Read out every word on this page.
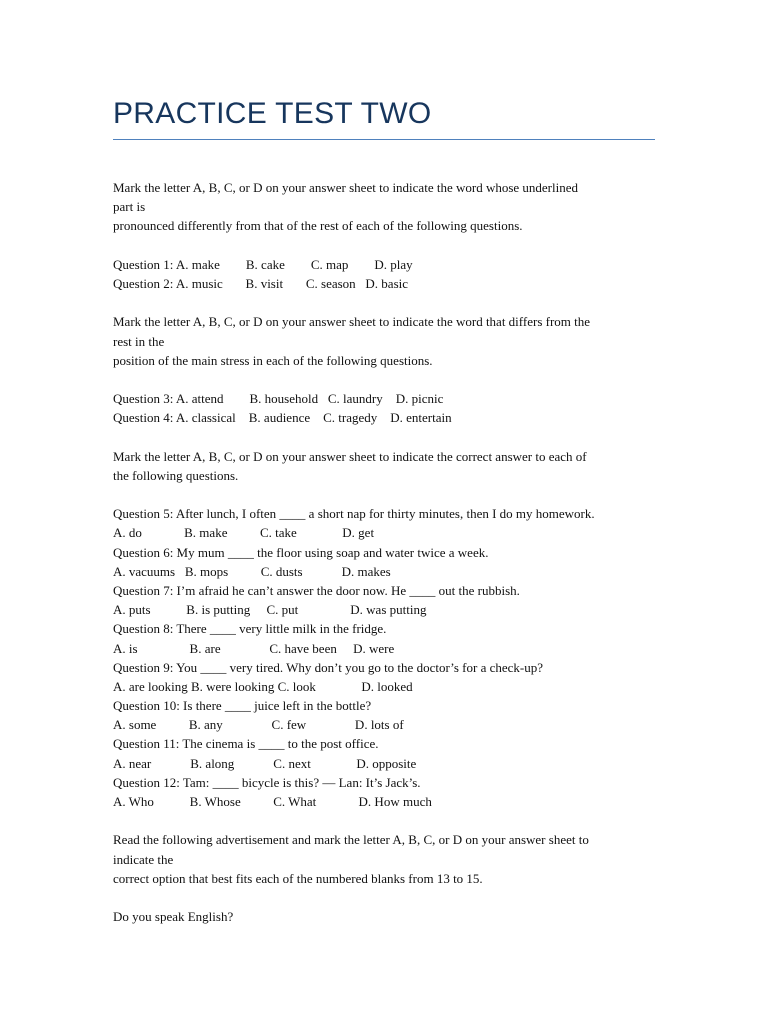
PRACTICE TEST TWO
Mark the letter A, B, C, or D on your answer sheet to indicate the word whose underlined
part is
pronounced differently from that of the rest of each of the following questions.
Question 1: A. make        B. cake        C. map        D. play
Question 2: A. music       B. visit       C. season   D. basic
Mark the letter A, B, C, or D on your answer sheet to indicate the word that differs from the
rest in the
position of the main stress in each of the following questions.
Question 3: A. attend        B. household   C. laundry    D. picnic
Question 4: A. classical    B. audience    C. tragedy    D. entertain
Mark the letter A, B, C, or D on your answer sheet to indicate the correct answer to each of
the following questions.
Question 5: After lunch, I often ____ a short nap for thirty minutes, then I do my homework.
A. do             B. make          C. take              D. get
Question 6: My mum ____ the floor using soap and water twice a week.
A. vacuums   B. mops          C. dusts            D. makes
Question 7: I’m afraid he can’t answer the door now. He ____ out the rubbish.
A. puts           B. is putting     C. put                D. was putting
Question 8: There ____ very little milk in the fridge.
A. is                B. are               C. have been     D. were
Question 9: You ____ very tired. Why don’t you go to the doctor’s for a check-up?
A. are looking B. were looking C. look              D. looked
Question 10: Is there ____ juice left in the bottle?
A. some          B. any               C. few               D. lots of
Question 11: The cinema is ____ to the post office.
A. near            B. along            C. next              D. opposite
Question 12: Tam: ____ bicycle is this? — Lan: It’s Jack’s.
A. Who           B. Whose          C. What             D. How much
Read the following advertisement and mark the letter A, B, C, or D on your answer sheet to
indicate the
correct option that best fits each of the numbered blanks from 13 to 15.
Do you speak English?
